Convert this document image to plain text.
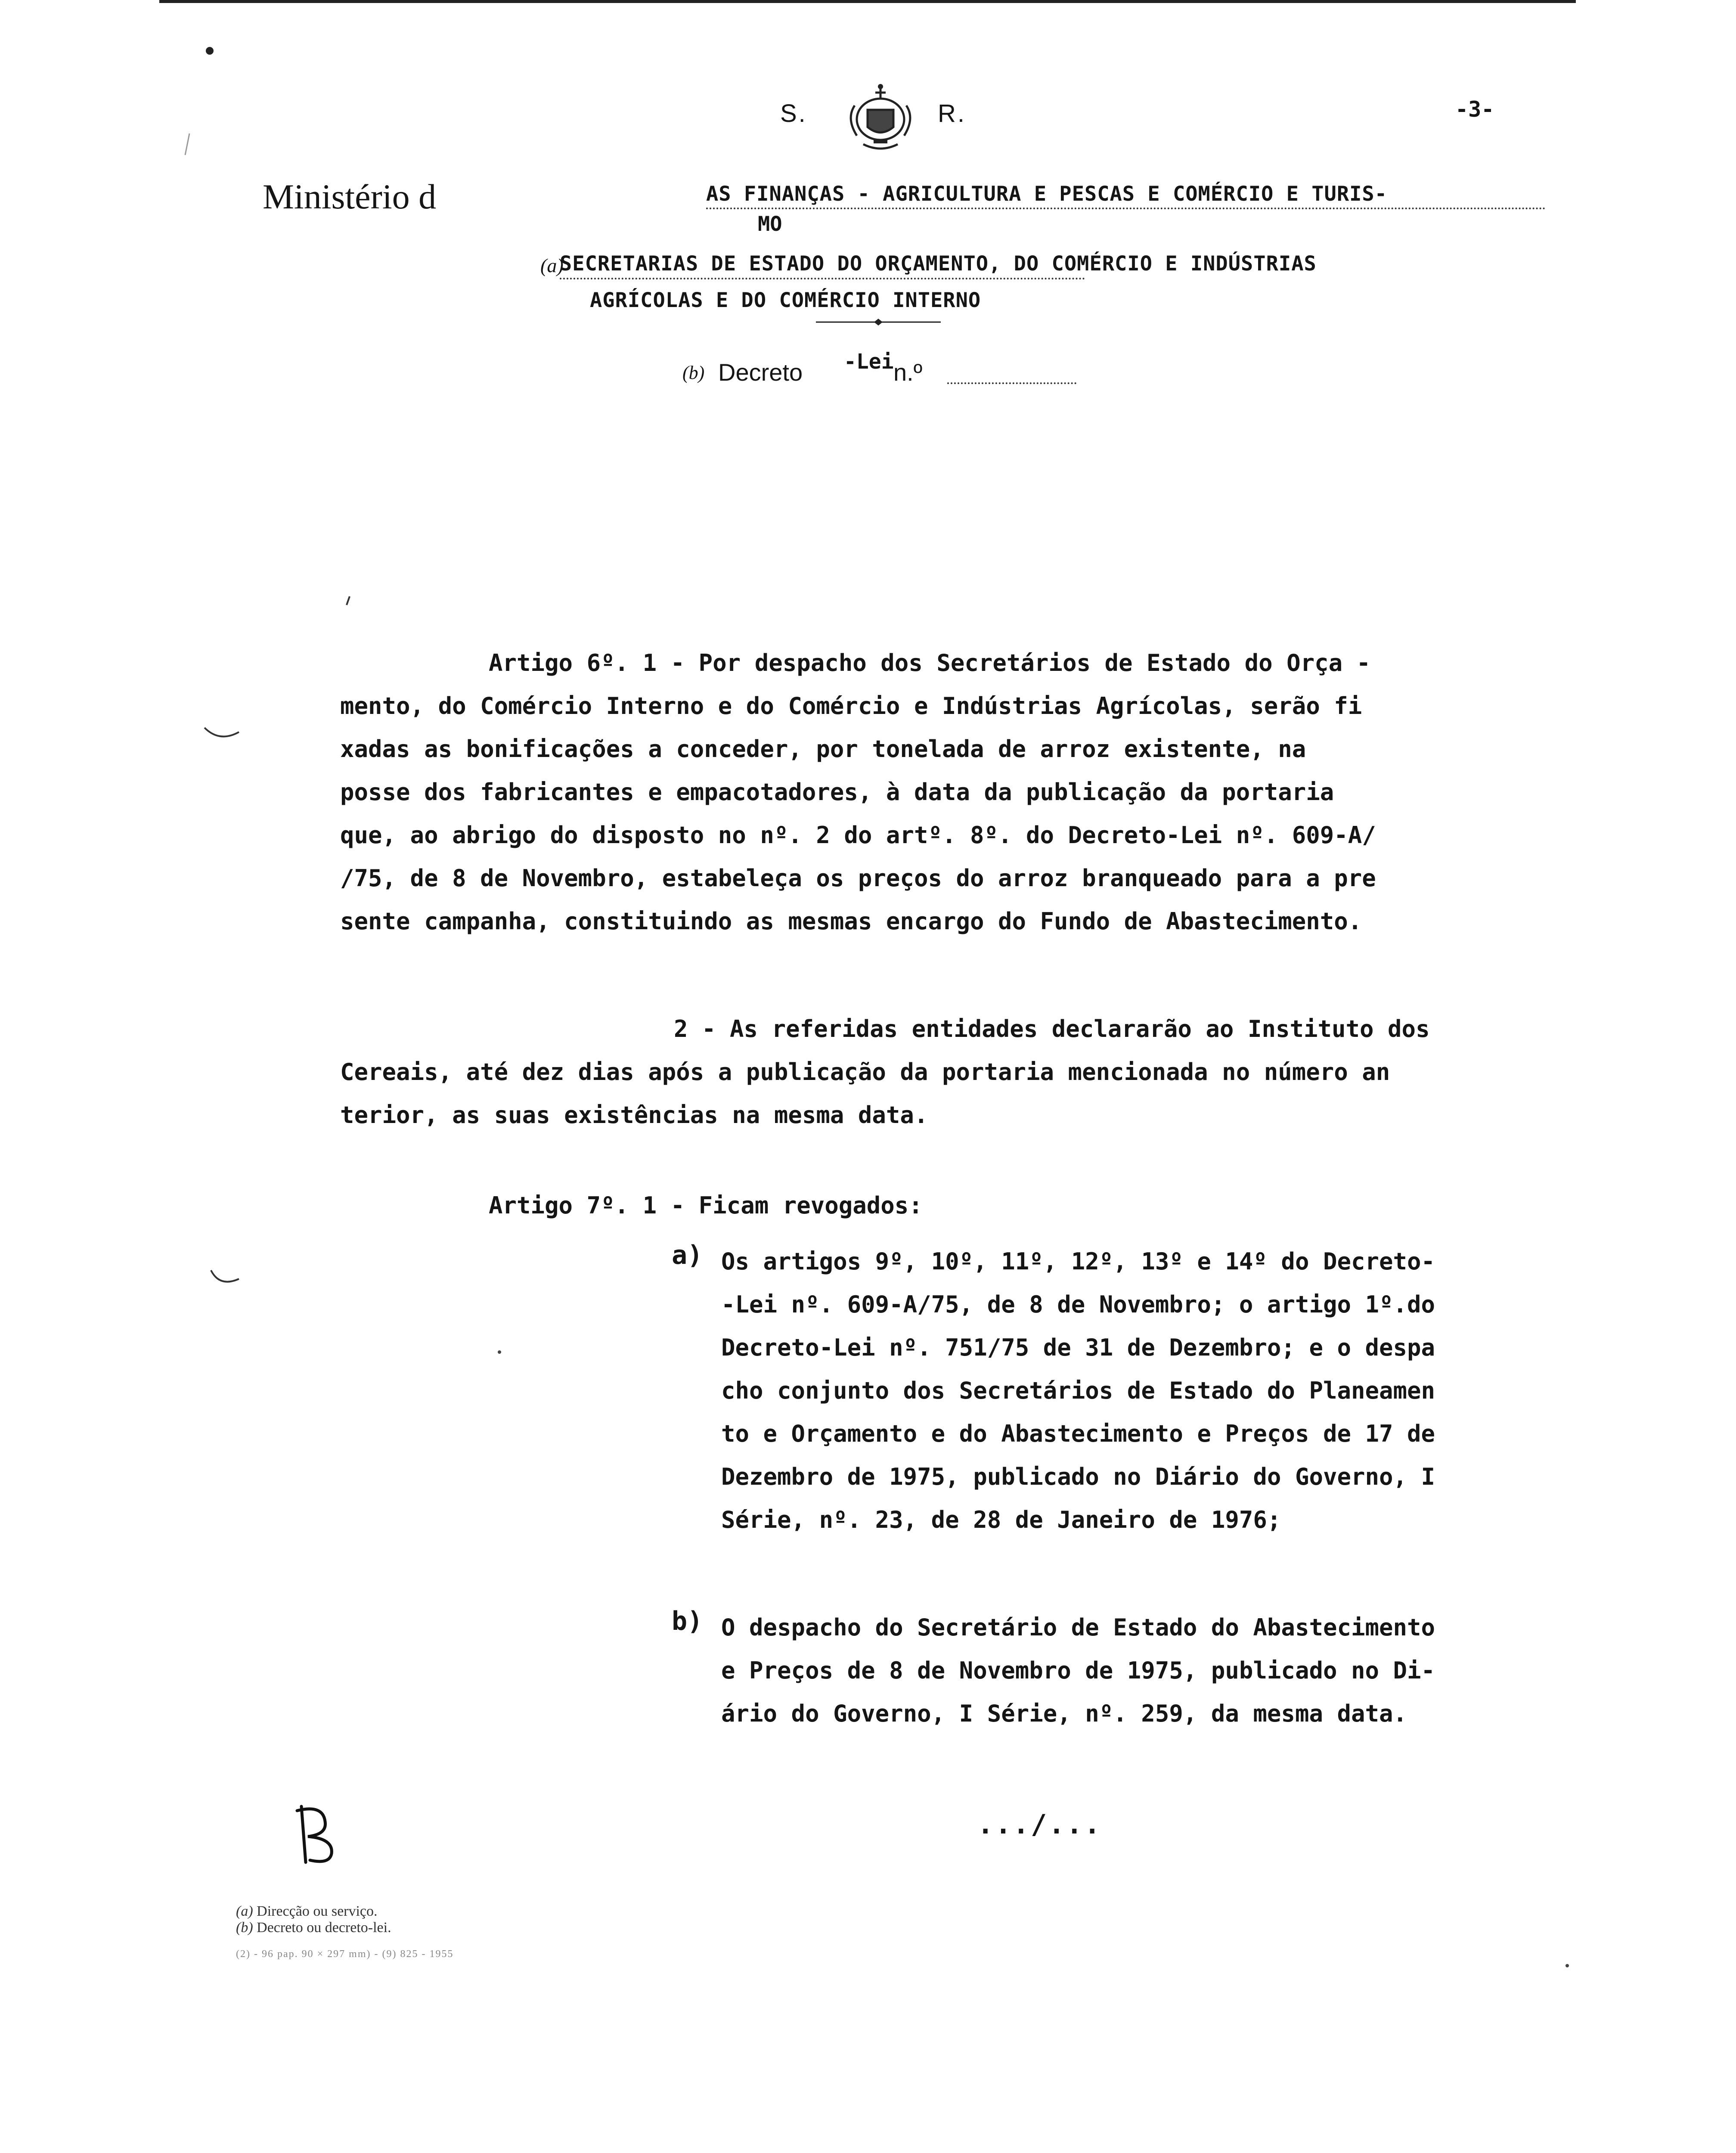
S.	R.	-3-
Ministério d	AS FINANÇAS - AGRICULTURA E PESCAS E COMÉRCIO E TURIS-
MO
(a)
SECRETARIAS DE ESTADO DO ORÇAMENTO, DO COMÉRCIO E INDÚSTRIAS
AGRÍCOLAS E DO COMÉRCIO INTERNO
(b) Decreto -Lei n.º
Artigo 6º. 1 - Por despacho dos Secretários de Estado do Orça -
mento, do Comércio Interno e do Comércio e Indústrias Agrícolas, serão fi
xadas as bonificações a conceder, por tonelada de arroz existente, na
posse dos fabricantes e empacotadores, à data da publicação da portaria
que, ao abrigo do disposto no nº. 2 do artº. 8º. do Decreto-Lei nº. 609-A/
/75, de 8 de Novembro, estabeleça os preços do arroz branqueado para a pre
sente campanha, constituindo as mesmas encargo do Fundo de Abastecimento.
2 - As referidas entidades declararão ao Instituto dos
Cereais, até dez dias após a publicação da portaria mencionada no número an
terior, as suas existências na mesma data.
Artigo 7º. 1 - Ficam revogados:
a) Os artigos 9º, 10º, 11º, 12º, 13º e 14º do Decreto-
-Lei nº. 609-A/75, de 8 de Novembro; o artigo 1º.do
Decreto-Lei nº. 751/75 de 31 de Dezembro; e o despa
cho conjunto dos Secretários de Estado do Planeamen
to e Orçamento e do Abastecimento e Preços de 17 de
Dezembro de 1975, publicado no Diário do Governo, I
Série, nº. 23, de 28 de Janeiro de 1976;
b) O despacho do Secretário de Estado do Abastecimento
e Preços de 8 de Novembro de 1975, publicado no Di-
ário do Governo, I Série, nº. 259, da mesma data.
.../...
(a) Direcção ou serviço.
(b) Decreto ou decreto-lei.
(2) - 96 pap. 90 × 297 mm) - (9) 825 - 1955
